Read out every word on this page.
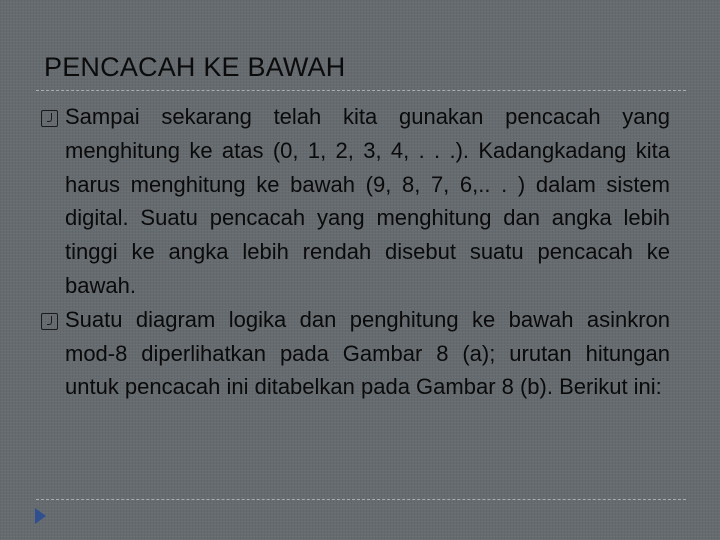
PENCACAH KE BAWAH
Sampai sekarang telah kita gunakan pencacah yang menghitung ke atas (0, 1, 2, 3, 4, . . .). Kadangkadang kita harus menghitung ke bawah (9, 8, 7, 6,.. . ) dalam sistem digital. Suatu pencacah yang menghitung dan angka lebih tinggi ke angka lebih rendah disebut suatu pencacah ke bawah.
Suatu diagram logika dan penghitung ke bawah asinkron mod-8 diperlihatkan pada Gambar 8 (a); urutan hitungan untuk pencacah ini ditabelkan pada Gambar 8 (b). Berikut ini:
